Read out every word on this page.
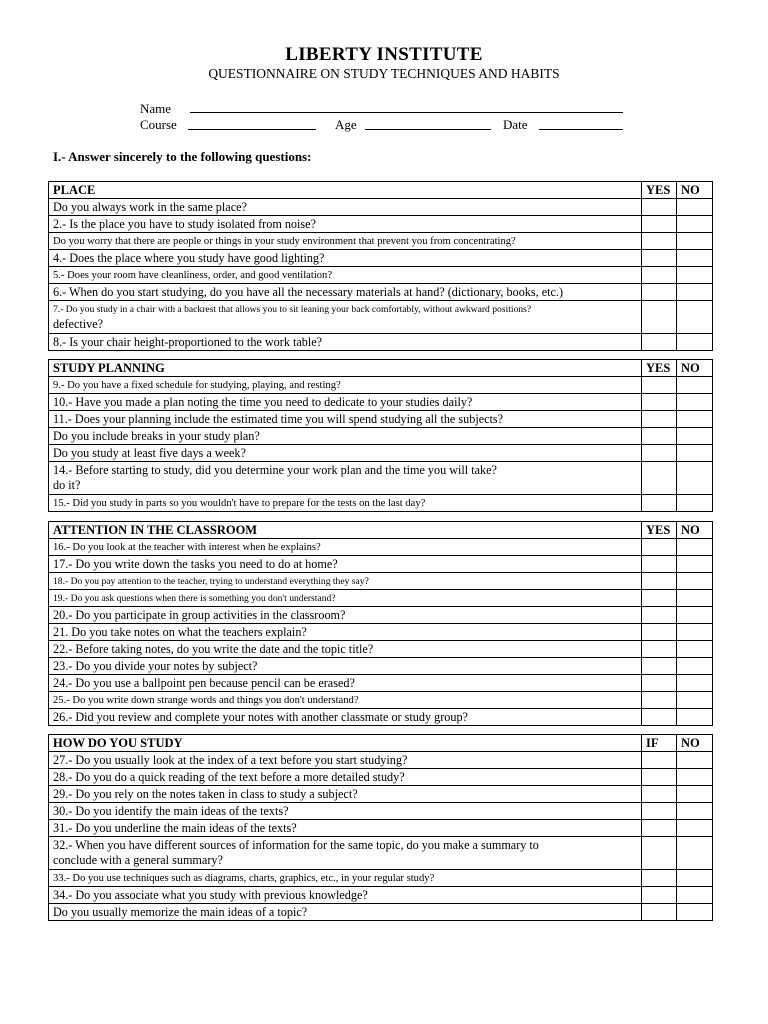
LIBERTY INSTITUTE
QUESTIONNAIRE ON STUDY TECHNIQUES AND HABITS
Name
Course	Age	Date
I.- Answer sincerely to the following questions:
PLACE	YES	NO
Do you always work in the same place?		
2.- Is the place you have to study isolated from noise?		
Do you worry that there are people or things in your study environment that prevent you from concentrating?		
4.- Does the place where you study have good lighting?		
5.- Does your room have cleanliness, order, and good ventilation?		
6.- When do you start studying, do you have all the necessary materials at hand? (dictionary, books, etc.)		

7.- Do you study in a chair with a backrest that allows you to sit leaning your back comfortably, without awkward positions?
defective?		

8.- Is your chair height-proportioned to the work table?		
STUDY PLANNING	YES	NO
9.- Do you have a fixed schedule for studying, playing, and resting?		
10.- Have you made a plan noting the time you need to dedicate to your studies daily?		
11.- Does your planning include the estimated time you will spend studying all the subjects?		
Do you include breaks in your study plan?		
Do you study at least five days a week?		

14.- Before starting to study, did you determine your work plan and the time you will take?
do it?		

15.- Did you study in parts so you wouldn't have to prepare for the tests on the last day?		
ATTENTION IN THE CLASSROOM	YES	NO
16.- Do you look at the teacher with interest when he explains?		
17.- Do you write down the tasks you need to do at home?		
18.- Do you pay attention to the teacher, trying to understand everything they say?		
19.- Do you ask questions when there is something you don't understand?		
20.- Do you participate in group activities in the classroom?		
21. Do you take notes on what the teachers explain?		
22.- Before taking notes, do you write the date and the topic title?		
23.- Do you divide your notes by subject?		
24.- Do you use a ballpoint pen because pencil can be erased?		
25.- Do you write down strange words and things you don't understand?		
26.- Did you review and complete your notes with another classmate or study group?		
HOW DO YOU STUDY	IF	NO
27.- Do you usually look at the index of a text before you start studying?		
28.- Do you do a quick reading of the text before a more detailed study?		
29.- Do you rely on the notes taken in class to study a subject?		
30.- Do you identify the main ideas of the texts?		
31.- Do you underline the main ideas of the texts?		

32.- When you have different sources of information for the same topic, do you make a summary to
conclude with a general summary?		

33.- Do you use techniques such as diagrams, charts, graphics, etc., in your regular study?		
34.- Do you associate what you study with previous knowledge?		
Do you usually memorize the main ideas of a topic?		
